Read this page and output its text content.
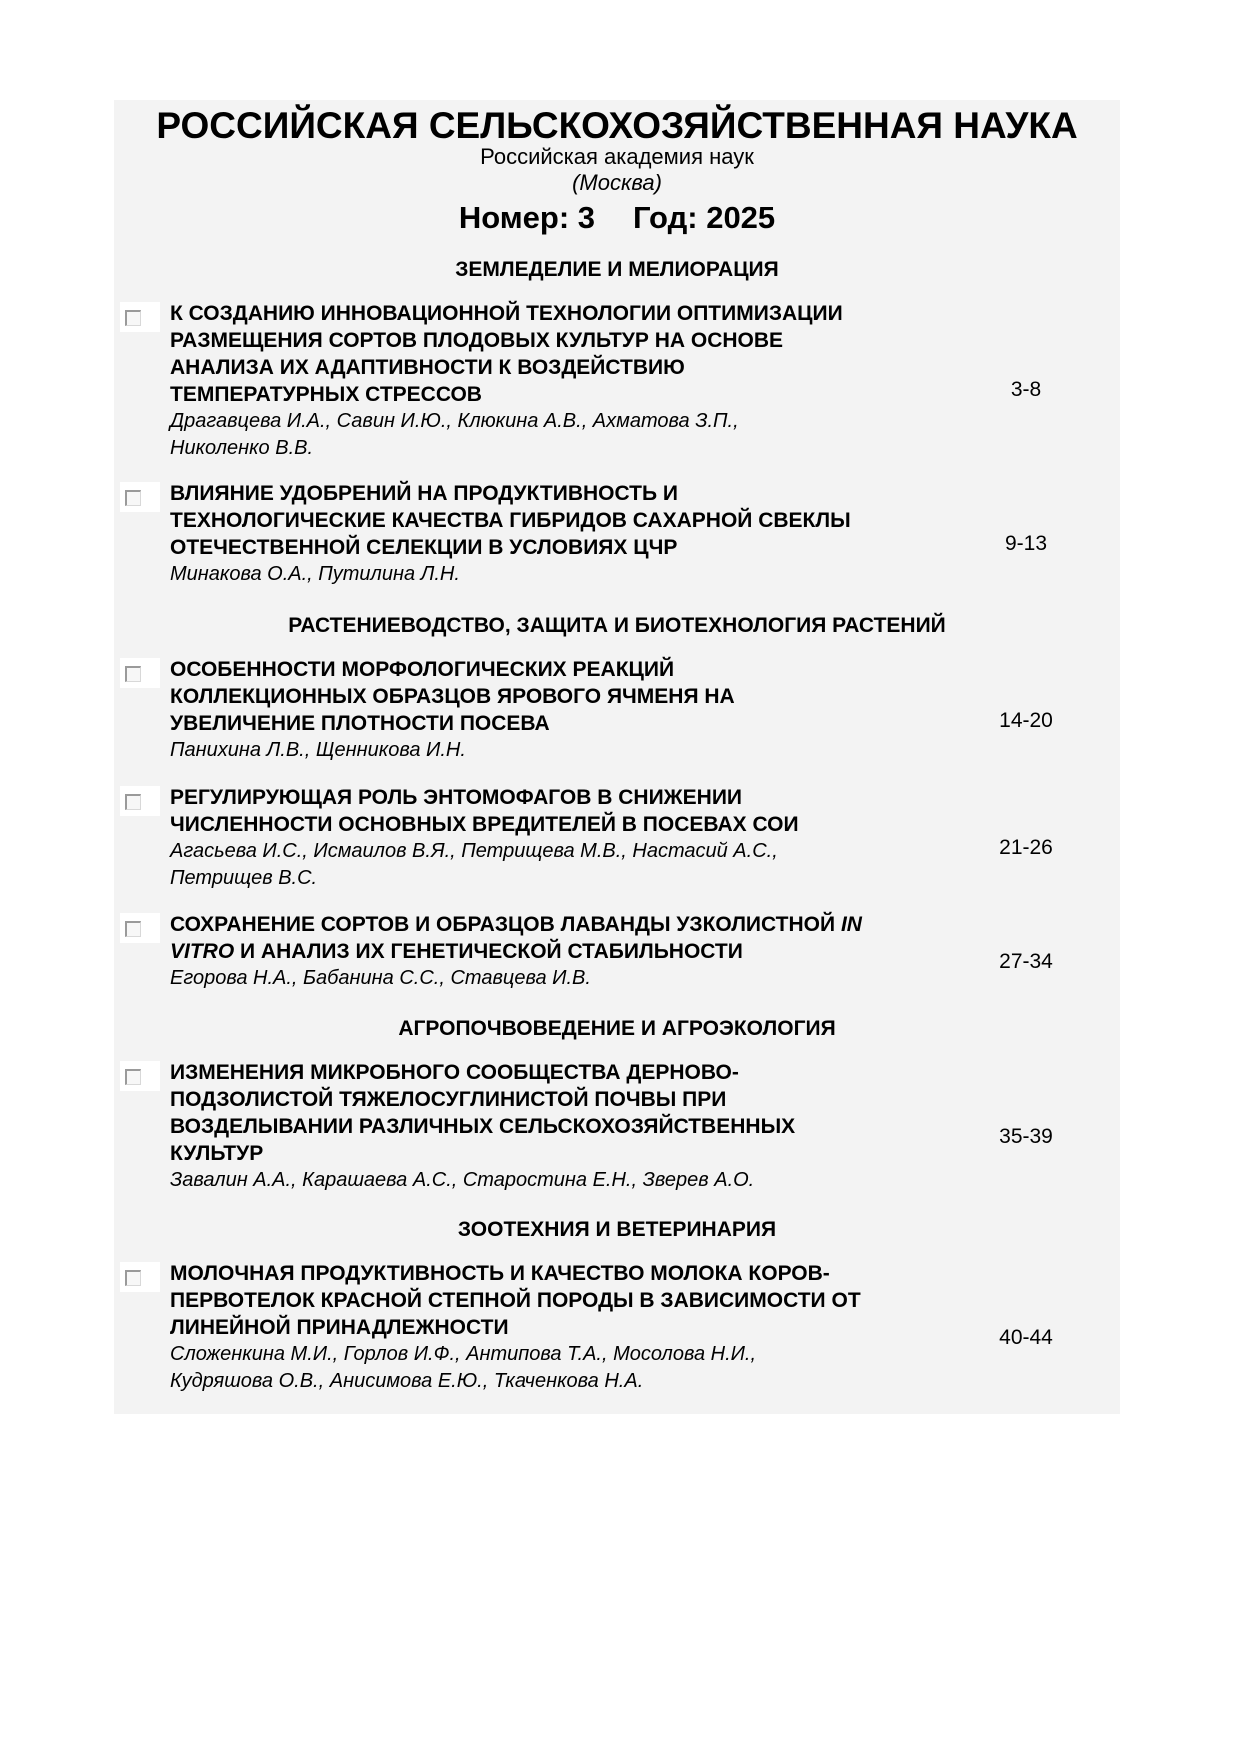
РОССИЙСКАЯ СЕЛЬСКОХОЗЯЙСТВЕННАЯ НАУКА
Российская академия наук
(Москва)
Номер: 3 Год: 2025
ЗЕМЛЕДЕЛИЕ И МЕЛИОРАЦИЯ
К СОЗДАНИЮ ИННОВАЦИОННОЙ ТЕХНОЛОГИИ ОПТИМИЗАЦИИ
РАЗМЕЩЕНИЯ СОРТОВ ПЛОДОВЫХ КУЛЬТУР НА ОСНОВЕ
АНАЛИЗА ИХ АДАПТИВНОСТИ К ВОЗДЕЙСТВИЮ
ТЕМПЕРАТУРНЫХ СТРЕССОВ
Драгавцева И.А., Савин И.Ю., Клюкина А.В., Ахматова З.П.,
Николенко В.В.
3-8
ВЛИЯНИЕ УДОБРЕНИЙ НА ПРОДУКТИВНОСТЬ И
ТЕХНОЛОГИЧЕСКИЕ КАЧЕСТВА ГИБРИДОВ САХАРНОЙ СВЕКЛЫ
ОТЕЧЕСТВЕННОЙ СЕЛЕКЦИИ В УСЛОВИЯХ ЦЧР
Минакова О.А., Путилина Л.Н.
9-13
РАСТЕНИЕВОДСТВО, ЗАЩИТА И БИОТЕХНОЛОГИЯ РАСТЕНИЙ
ОСОБЕННОСТИ МОРФОЛОГИЧЕСКИХ РЕАКЦИЙ
КОЛЛЕКЦИОННЫХ ОБРАЗЦОВ ЯРОВОГО ЯЧМЕНЯ НА
УВЕЛИЧЕНИЕ ПЛОТНОСТИ ПОСЕВА
Панихина Л.В., Щенникова И.Н.
14-20
РЕГУЛИРУЮЩАЯ РОЛЬ ЭНТОМОФАГОВ В СНИЖЕНИИ
ЧИСЛЕННОСТИ ОСНОВНЫХ ВРЕДИТЕЛЕЙ В ПОСЕВАХ СОИ
Агасьева И.С., Исмаилов В.Я., Петрищева М.В., Настасий А.С.,
Петрищев В.С.
21-26
СОХРАНЕНИЕ СОРТОВ И ОБРАЗЦОВ ЛАВАНДЫ УЗКОЛИСТНОЙ IN
VITRO И АНАЛИЗ ИХ ГЕНЕТИЧЕСКОЙ СТАБИЛЬНОСТИ
Егорова Н.А., Бабанина С.С., Ставцева И.В.
27-34
АГРОПОЧВОВЕДЕНИЕ И АГРОЭКОЛОГИЯ
ИЗМЕНЕНИЯ МИКРОБНОГО СООБЩЕСТВА ДЕРНОВО-
ПОДЗОЛИСТОЙ ТЯЖЕЛОСУГЛИНИСТОЙ ПОЧВЫ ПРИ
ВОЗДЕЛЫВАНИИ РАЗЛИЧНЫХ СЕЛЬСКОХОЗЯЙСТВЕННЫХ
КУЛЬТУР
Завалин А.А., Карашаева А.С., Старостина Е.Н., Зверев А.О.
35-39
ЗООТЕХНИЯ И ВЕТЕРИНАРИЯ
МОЛОЧНАЯ ПРОДУКТИВНОСТЬ И КАЧЕСТВО МОЛОКА КОРОВ-
ПЕРВОТЕЛОК КРАСНОЙ СТЕПНОЙ ПОРОДЫ В ЗАВИСИМОСТИ ОТ
ЛИНЕЙНОЙ ПРИНАДЛЕЖНОСТИ
Сложенкина М.И., Горлов И.Ф., Антипова Т.А., Мосолова Н.И.,
Кудряшова О.В., Анисимова Е.Ю., Ткаченкова Н.А.
40-44
